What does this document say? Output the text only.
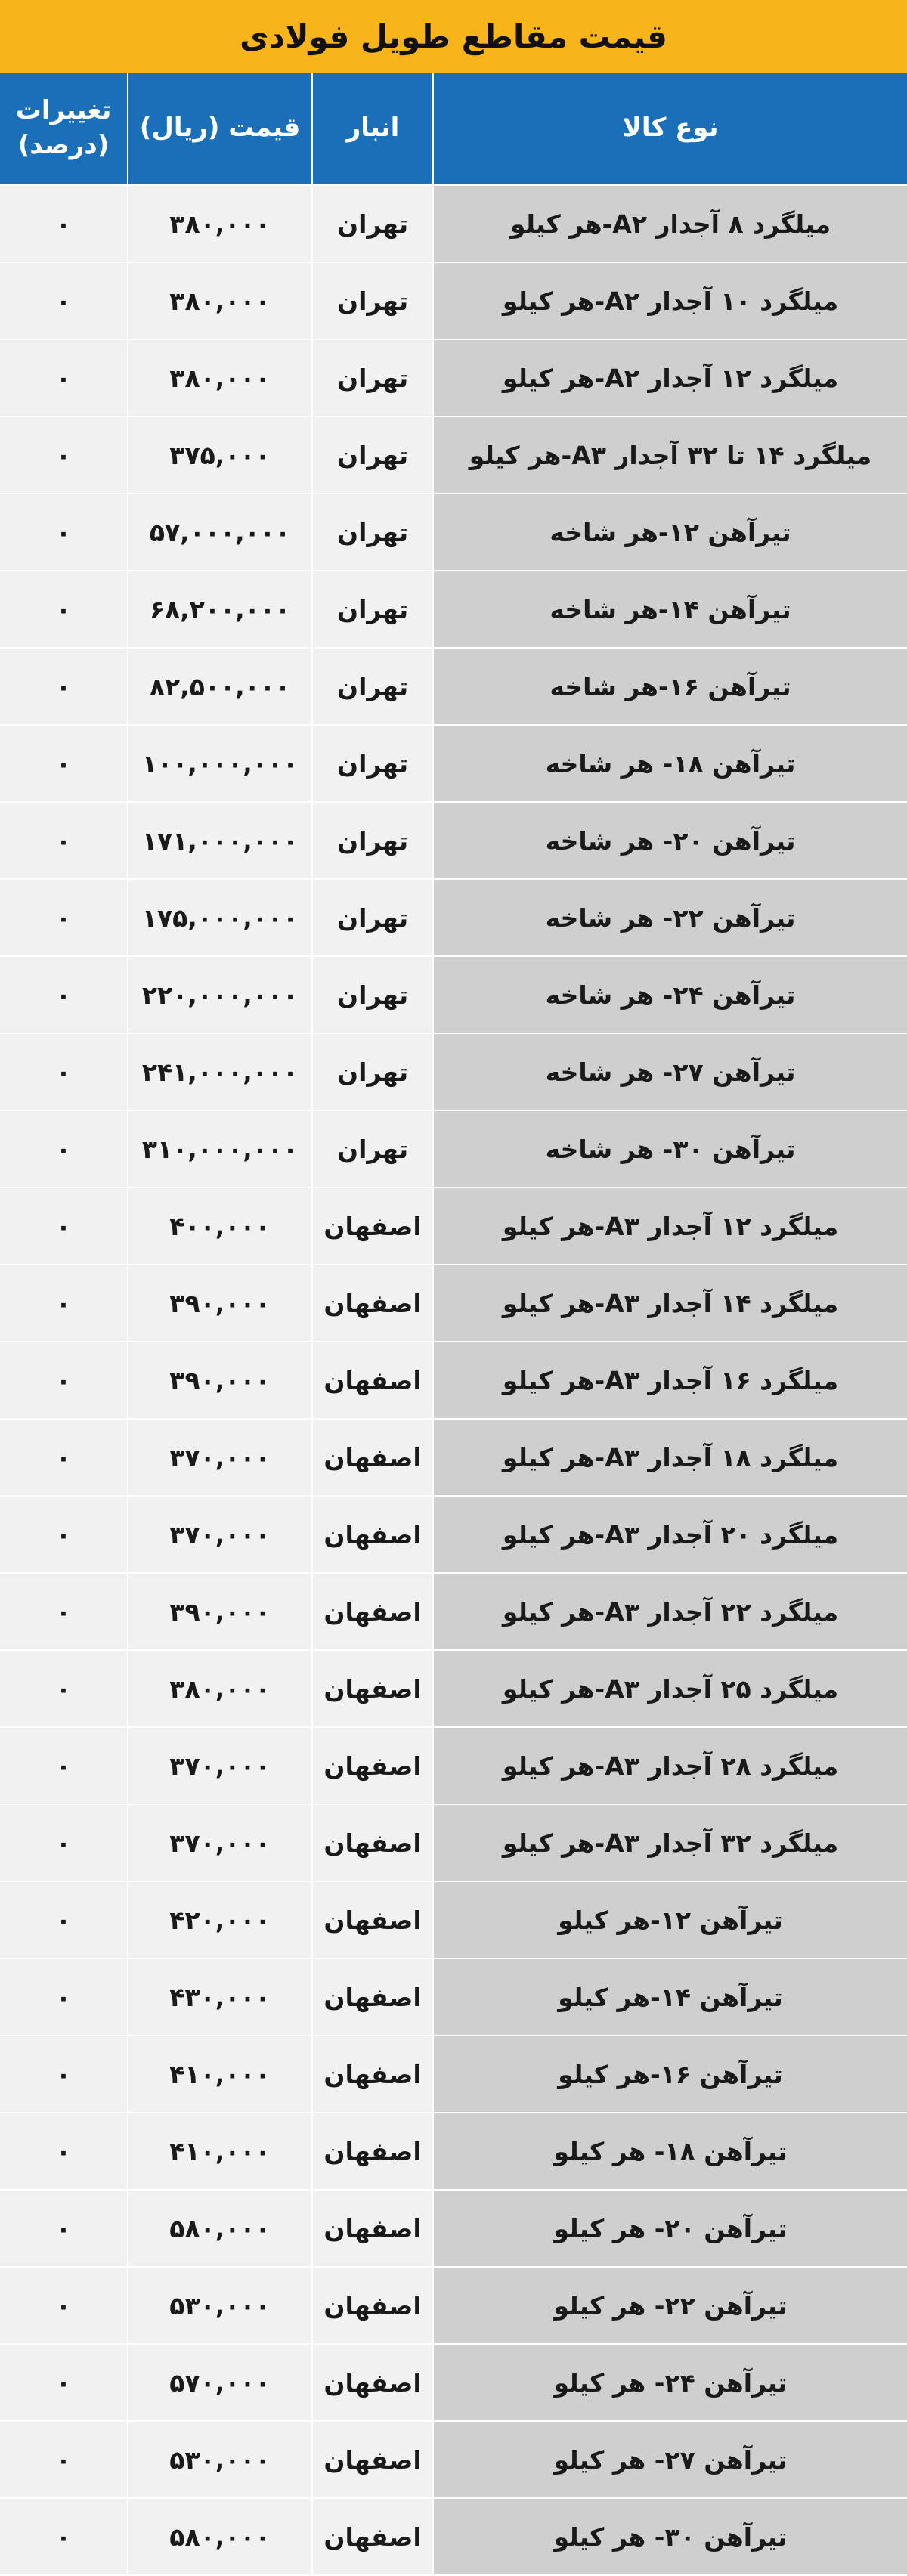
قیمت مقاطع طویل فولادی
نوع کالا
انبار
قیمت (ریال)
تغییرات
(درصد)
میلگرد ۸ آجدار A۲-هر کیلو
تهران
۳۸۰,۰۰۰
۰
میلگرد ۱۰ آجدار A۲-هر کیلو
تهران
۳۸۰,۰۰۰
۰
میلگرد ۱۲ آجدار A۲-هر کیلو
تهران
۳۸۰,۰۰۰
۰
میلگرد ۱۴ تا ۳۲ آجدار A۳-هر کیلو
تهران
۳۷۵,۰۰۰
۰
تیرآهن ۱۲-هر شاخه
تهران
۵۷,۰۰۰,۰۰۰
۰
تیرآهن ۱۴-هر شاخه
تهران
۶۸,۲۰۰,۰۰۰
۰
تیرآهن ۱۶-هر شاخه
تهران
۸۲,۵۰۰,۰۰۰
۰
تیرآهن ۱۸- هر شاخه
تهران
۱۰۰,۰۰۰,۰۰۰
۰
تیرآهن ۲۰- هر شاخه
تهران
۱۷۱,۰۰۰,۰۰۰
۰
تیرآهن ۲۲- هر شاخه
تهران
۱۷۵,۰۰۰,۰۰۰
۰
تیرآهن ۲۴- هر شاخه
تهران
۲۲۰,۰۰۰,۰۰۰
۰
تیرآهن ۲۷- هر شاخه
تهران
۲۴۱,۰۰۰,۰۰۰
۰
تیرآهن ۳۰- هر شاخه
تهران
۳۱۰,۰۰۰,۰۰۰
۰
میلگرد ۱۲ آجدار A۳-هر کیلو
اصفهان
۴۰۰,۰۰۰
۰
میلگرد ۱۴ آجدار A۳-هر کیلو
اصفهان
۳۹۰,۰۰۰
۰
میلگرد ۱۶ آجدار A۳-هر کیلو
اصفهان
۳۹۰,۰۰۰
۰
میلگرد ۱۸ آجدار A۳-هر کیلو
اصفهان
۳۷۰,۰۰۰
۰
میلگرد ۲۰ آجدار A۳-هر کیلو
اصفهان
۳۷۰,۰۰۰
۰
میلگرد ۲۲ آجدار A۳-هر کیلو
اصفهان
۳۹۰,۰۰۰
۰
میلگرد ۲۵ آجدار A۳-هر کیلو
اصفهان
۳۸۰,۰۰۰
۰
میلگرد ۲۸ آجدار A۳-هر کیلو
اصفهان
۳۷۰,۰۰۰
۰
میلگرد ۳۲ آجدار A۳-هر کیلو
اصفهان
۳۷۰,۰۰۰
۰
تیرآهن ۱۲-هر کیلو
اصفهان
۴۲۰,۰۰۰
۰
تیرآهن ۱۴-هر کیلو
اصفهان
۴۳۰,۰۰۰
۰
تیرآهن ۱۶-هر کیلو
اصفهان
۴۱۰,۰۰۰
۰
تیرآهن ۱۸- هر کیلو
اصفهان
۴۱۰,۰۰۰
۰
تیرآهن ۲۰- هر کیلو
اصفهان
۵۸۰,۰۰۰
۰
تیرآهن ۲۲- هر کیلو
اصفهان
۵۳۰,۰۰۰
۰
تیرآهن ۲۴- هر کیلو
اصفهان
۵۷۰,۰۰۰
۰
تیرآهن ۲۷- هر کیلو
اصفهان
۵۳۰,۰۰۰
۰
تیرآهن ۳۰- هر کیلو
اصفهان
۵۸۰,۰۰۰
۰
